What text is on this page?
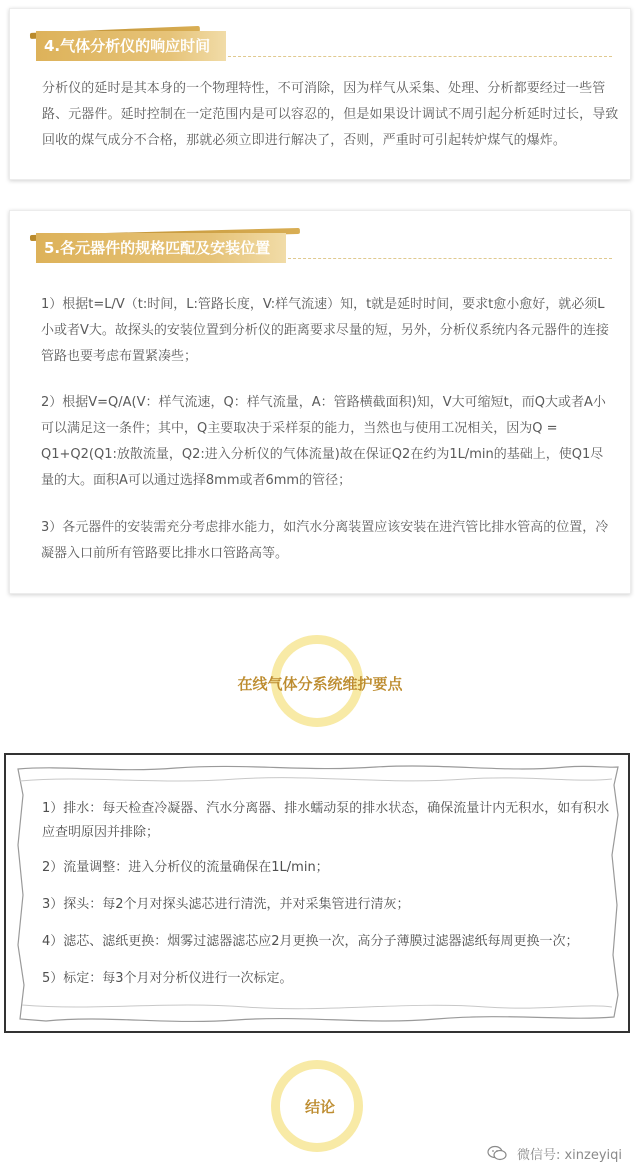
4.气体分析仪的响应时间
分析仪的延时是其本身的一个物理特性，不可消除，因为样气从采集、处理、分析都要经过一些管路、元器件。延时控制在一定范围内是可以容忍的，但是如果设计调试不周引起分析延时过长，导致回收的煤气成分不合格，那就必须立即进行解决了，否则，严重时可引起转炉煤气的爆炸。
5.各元器件的规格匹配及安装位置
1）根据t=L/V（t:时间，L:管路长度，V:样气流速）知，t就是延时时间，要求t愈小愈好，就必须L小或者V大。故探头的安装位置到分析仪的距离要求尽量的短，另外，分析仪系统内各元器件的连接管路也要考虑布置紧凑些；
2）根据V=Q/A(V：样气流速，Q：样气流量，A：管路横截面积)知，V大可缩短t，而Q大或者A小可以满足这一条件；其中，Q主要取决于采样泵的能力，当然也与使用工况相关，因为Q = Q1+Q2(Q1:放散流量，Q2:进入分析仪的气体流量)故在保证Q2在约为1L/min的基础上，使Q1尽量的大。面积A可以通过选择8mm或者6mm的管径；
3）各元器件的安装需充分考虑排水能力，如汽水分离装置应该安装在进汽管比排水管高的位置，冷凝器入口前所有管路要比排水口管路高等。
在线气体分系统维护要点
1）排水：每天检查冷凝器、汽水分离器、排水蠕动泵的排水状态，确保流量计内无积水，如有积水应查明原因并排除；
2）流量调整：进入分析仪的流量确保在1L/min；
3）探头：每2个月对探头滤芯进行清洗，并对采集管进行清灰；
4）滤芯、滤纸更换：烟雾过滤器滤芯应2月更换一次，高分子薄膜过滤器滤纸每周更换一次；
5）标定：每3个月对分析仪进行一次标定。
结论
微信号: xinzeyiqi
